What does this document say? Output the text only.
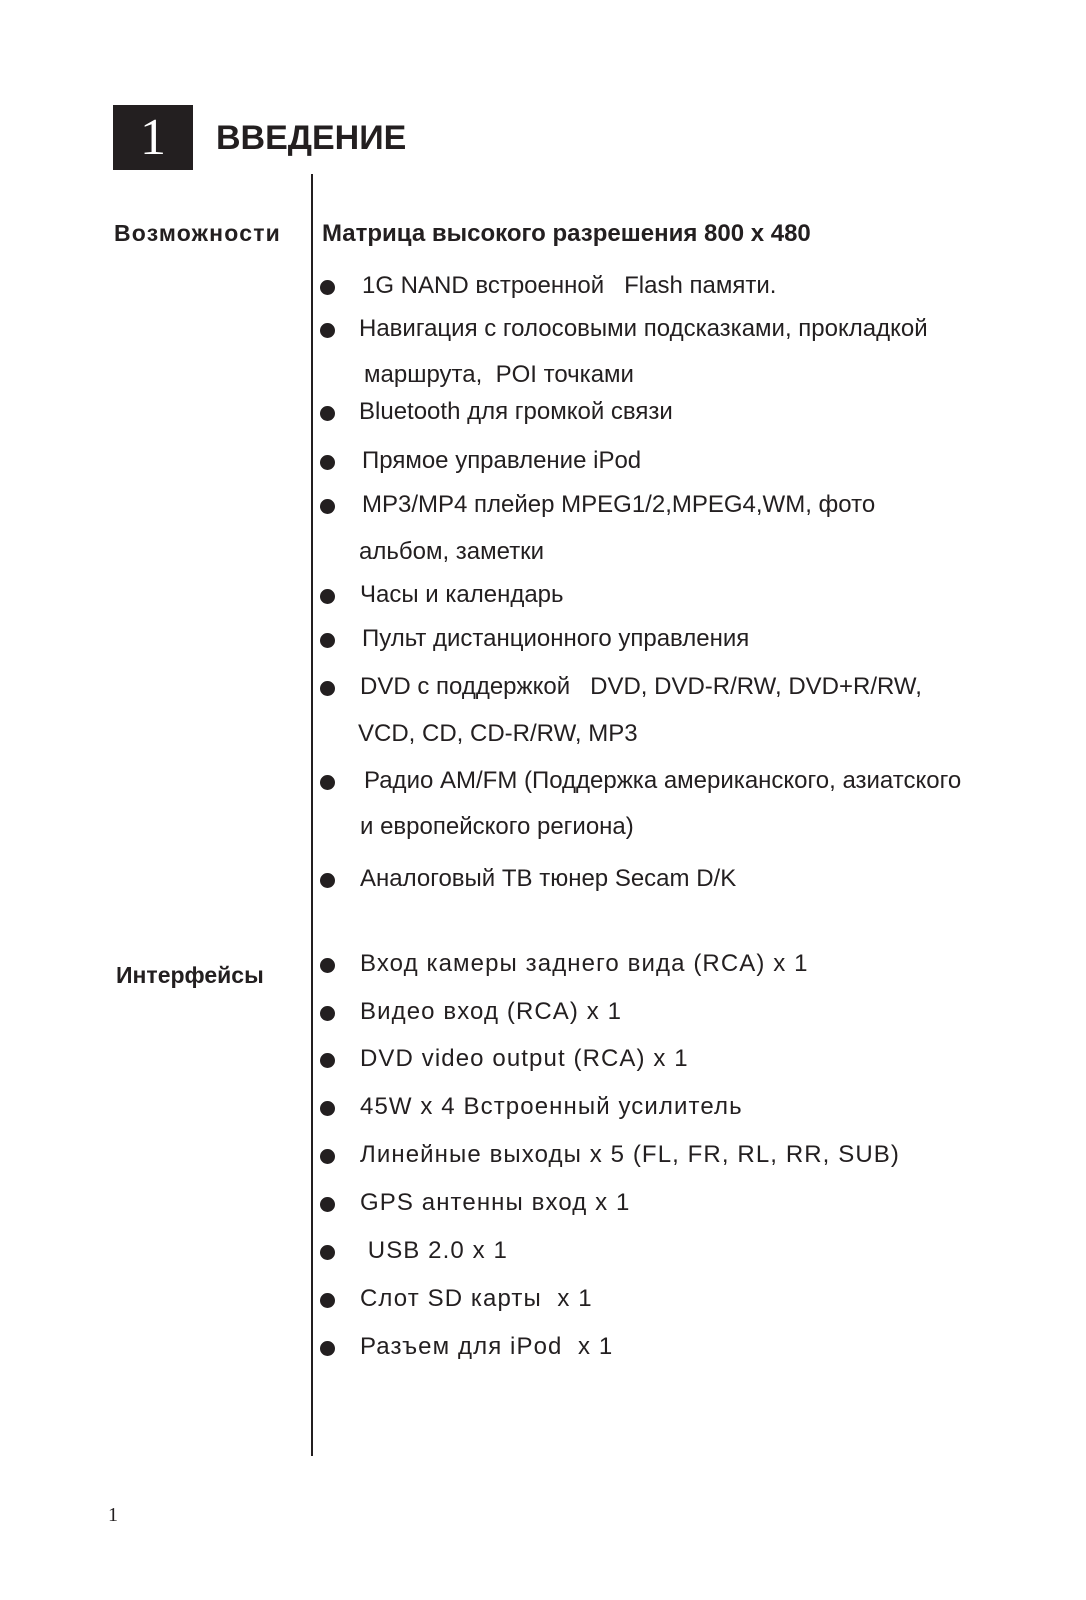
1	ВВЕДЕНИЕ
Возможности Матрица высокого разрешения 800 x 480
1G NAND встроенной   Flash памяти.
Навигация с голосовыми подсказками, прокладкой
маршрута,  POI точками
Bluetooth для громкой связи
Прямое управление iPod
MP3/MP4 плейер MPEG1/2,MPEG4,WM, фото
альбом, заметки
Часы и календарь
Пульт дистанционного управления
DVD с поддержкой   DVD, DVD-R/RW, DVD+R/RW,
VCD, CD, CD-R/RW, MP3
Радио AM/FM (Поддержка американского, азиатского
и европейского региона)
Аналоговый ТВ тюнер Secam D/K
Интерфейсы	Вход камеры заднего вида (RCA) x 1
Видео вход (RCA) x 1
DVD video output (RCA) x 1
45W x 4 Встроенный усилитель
Линейные выходы x 5 (FL, FR, RL, RR, SUB)
GPS антенны вход x 1
USB 2.0 x 1
Слот SD карты  x 1
Разъем для iPod  x 1
1
